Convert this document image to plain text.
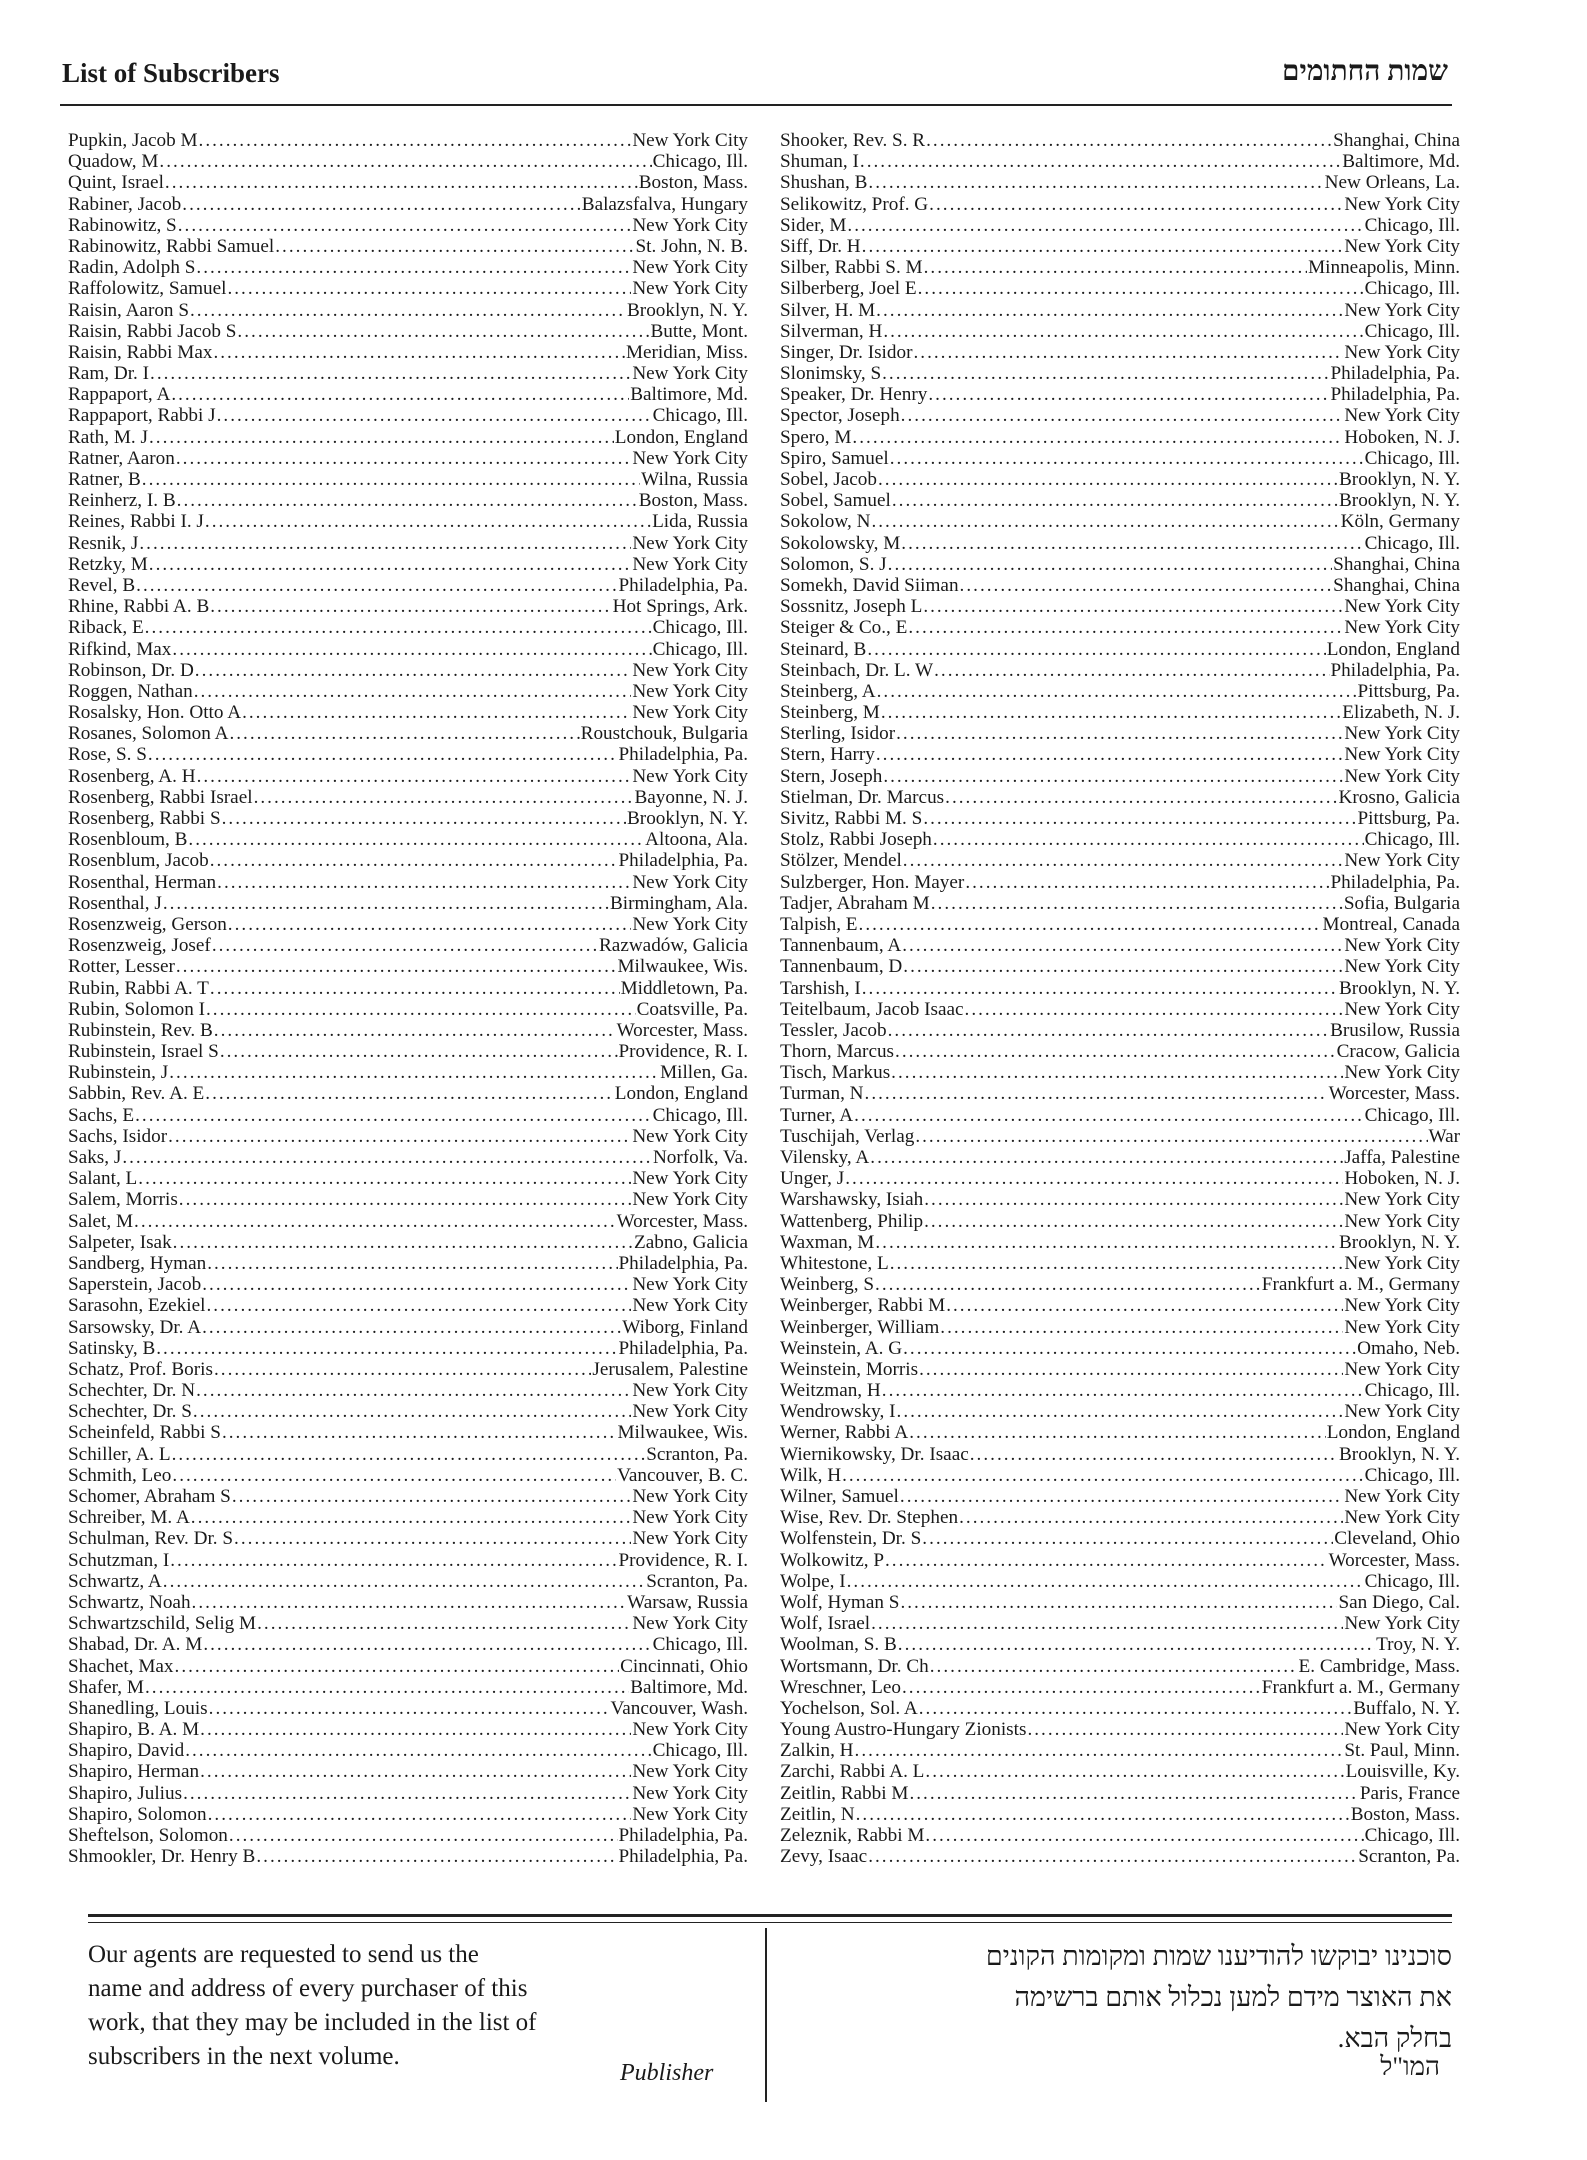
List of Subscribers	שמות החתומים
Pupkin, Jacob M .....	New York City
Quadow, M .....	Chicago, Ill.
Quint, Israel .....	Boston, Mass.
Rabiner, Jacob .....	Balazsfalva, Hungary
Rabinowitz, S .....	New York City
Rabinowitz, Rabbi Samuel .....	St. John, N. B.
Radin, Adolph S .....	New York City
Raffolowitz, Samuel .....	New York City
Raisin, Aaron S .....	Brooklyn, N. Y.
Raisin, Rabbi Jacob S .....	Butte, Mont.
Raisin, Rabbi Max .....	Meridian, Miss.
Ram, Dr. I .....	New York City
Rappaport, A .....	Baltimore, Md.
Rappaport, Rabbi J .....	Chicago, Ill.
Rath, M. J .....	London, England
Ratner, Aaron .....	New York City
Ratner, B .....	Wilna, Russia
Reinherz, I. B .....	Boston, Mass.
Reines, Rabbi I. J .....	Lida, Russia
Resnik, J .....	New York City
Retzky, M .....	New York City
Revel, B .....	Philadelphia, Pa.
Rhine, Rabbi A. B .....	Hot Springs, Ark.
Riback, E .....	Chicago, Ill.
Rifkind, Max .....	Chicago, Ill.
Robinson, Dr. D .....	New York City
Roggen, Nathan .....	New York City
Rosalsky, Hon. Otto A .....	New York City
Rosanes, Solomon A .....	Roustchouk, Bulgaria
Rose, S. S .....	Philadelphia, Pa.
Rosenberg, A. H .....	New York City
Rosenberg, Rabbi Israel .....	Bayonne, N. J.
Rosenberg, Rabbi S .....	Brooklyn, N. Y.
Rosenbloum, B .....	Altoona, Ala.
Rosenblum, Jacob .....	Philadelphia, Pa.
Rosenthal, Herman .....	New York City
Rosenthal, J .....	Birmingham, Ala.
Rosenzweig, Gerson .....	New York City
Rosenzweig, Josef .....	Razwadów, Galicia
Rotter, Lesser .....	Milwaukee, Wis.
Rubin, Rabbi A. T .....	Middletown, Pa.
Rubin, Solomon I .....	Coatsville, Pa.
Rubinstein, Rev. B .....	Worcester, Mass.
Rubinstein, Israel S .....	Providence, R. I.
Rubinstein, J .....	Millen, Ga.
Sabbin, Rev. A. E .....	London, England
Sachs, E .....	Chicago, Ill.
Sachs, Isidor .....	New York City
Saks, J .....	Norfolk, Va.
Salant, L .....	New York City
Salem, Morris .....	New York City
Salet, M .....	Worcester, Mass.
Salpeter, Isak .....	Zabno, Galicia
Sandberg, Hyman .....	Philadelphia, Pa.
Saperstein, Jacob .....	New York City
Sarasohn, Ezekiel .....	New York City
Sarsowsky, Dr. A .....	Wiborg, Finland
Satinsky, B .....	Philadelphia, Pa.
Schatz, Prof. Boris .....	Jerusalem, Palestine
Schechter, Dr. N .....	New York City
Schechter, Dr. S .....	New York City
Scheinfeld, Rabbi S .....	Milwaukee, Wis.
Schiller, A. L .....	Scranton, Pa.
Schmith, Leo .....	Vancouver, B. C.
Schomer, Abraham S .....	New York City
Schreiber, M. A .....	New York City
Schulman, Rev. Dr. S .....	New York City
Schutzman, I .....	Providence, R. I.
Schwartz, A .....	Scranton, Pa.
Schwartz, Noah .....	Warsaw, Russia
Schwartzschild, Selig M .....	New York City
Shabad, Dr. A. M .....	Chicago, Ill.
Shachet, Max .....	Cincinnati, Ohio
Shafer, M .....	Baltimore, Md.
Shanedling, Louis .....	Vancouver, Wash.
Shapiro, B. A. M .....	New York City
Shapiro, David .....	Chicago, Ill.
Shapiro, Herman .....	New York City
Shapiro, Julius .....	New York City
Shapiro, Solomon .....	New York City
Sheftelson, Solomon .....	Philadelphia, Pa.
Shmookler, Dr. Henry B .....	Philadelphia, Pa.
Shooker, Rev. S. R .....	Shanghai, China
Shuman, I .....	Baltimore, Md.
Shushan, B .....	New Orleans, La.
Selikowitz, Prof. G .....	New York City
Sider, M .....	Chicago, Ill.
Siff, Dr. H .....	New York City
Silber, Rabbi S. M .....	Minneapolis, Minn.
Silberberg, Joel E .....	Chicago, Ill.
Silver, H. M .....	New York City
Silverman, H .....	Chicago, Ill.
Singer, Dr. Isidor .....	New York City
Slonimsky, S .....	Philadelphia, Pa.
Speaker, Dr. Henry .....	Philadelphia, Pa.
Spector, Joseph .....	New York City
Spero, M .....	Hoboken, N. J.
Spiro, Samuel .....	Chicago, Ill.
Sobel, Jacob .....	Brooklyn, N. Y.
Sobel, Samuel .....	Brooklyn, N. Y.
Sokolow, N .....	Köln, Germany
Sokolowsky, M .....	Chicago, Ill.
Solomon, S. J .....	Shanghai, China
Somekh, David Siiman .....	Shanghai, China
Sossnitz, Joseph L .....	New York City
Steiger & Co., E .....	New York City
Steinard, B .....	London, England
Steinbach, Dr. L. W .....	Philadelphia, Pa.
Steinberg, A .....	Pittsburg, Pa.
Steinberg, M .....	Elizabeth, N. J.
Sterling, Isidor .....	New York City
Stern, Harry .....	New York City
Stern, Joseph .....	New York City
Stielman, Dr. Marcus .....	Krosno, Galicia
Sivitz, Rabbi M. S .....	Pittsburg, Pa.
Stolz, Rabbi Joseph .....	Chicago, Ill.
Stölzer, Mendel .....	New York City
Sulzberger, Hon. Mayer .....	Philadelphia, Pa.
Tadjer, Abraham M .....	Sofia, Bulgaria
Talpish, E .....	Montreal, Canada
Tannenbaum, A .....	New York City
Tannenbaum, D .....	New York City
Tarshish, I .....	Brooklyn, N. Y.
Teitelbaum, Jacob Isaac .....	New York City
Tessler, Jacob .....	Brusilow, Russia
Thorn, Marcus .....	Cracow, Galicia
Tisch, Markus .....	New York City
Turman, N .....	Worcester, Mass.
Turner, A .....	Chicago, Ill.
Tuschijah, Verlag .....	War
Vilensky, A .....	Jaffa, Palestine
Unger, J .....	Hoboken, N. J.
Warshawsky, Isiah .....	New York City
Wattenberg, Philip .....	New York City
Waxman, M .....	Brooklyn, N. Y.
Whitestone, L .....	New York City
Weinberg, S .....	Frankfurt a. M., Germany
Weinberger, Rabbi M .....	New York City
Weinberger, William .....	New York City
Weinstein, A. G .....	Omaho, Neb.
Weinstein, Morris .....	New York City
Weitzman, H .....	Chicago, Ill.
Wendrowsky, I .....	New York City
Werner, Rabbi A .....	London, England
Wiernikowsky, Dr. Isaac .....	Brooklyn, N. Y.
Wilk, H .....	Chicago, Ill.
Wilner, Samuel .....	New York City
Wise, Rev. Dr. Stephen .....	New York City
Wolfenstein, Dr. S .....	Cleveland, Ohio
Wolkowitz, P .....	Worcester, Mass.
Wolpe, I .....	Chicago, Ill.
Wolf, Hyman S .....	San Diego, Cal.
Wolf, Israel .....	New York City
Woolman, S. B .....	Troy, N. Y.
Wortsmann, Dr. Ch .....	E. Cambridge, Mass.
Wreschner, Leo .....	Frankfurt a. M., Germany
Yochelson, Sol. A .....	Buffalo, N. Y.
Young Austro-Hungary Zionists .....	New York City
Zalkin, H .....	St. Paul, Minn.
Zarchi, Rabbi A. L .....	Louisville, Ky.
Zeitlin, Rabbi M .....	Paris, France
Zeitlin, N .....	Boston, Mass.
Zeleznik, Rabbi M .....	Chicago, Ill.
Zevy, Isaac .....	Scranton, Pa.

Our agents are requested to send us the

name and address of every purchaser of this

work, that they may be included in the list of

subscribers in the next volume.

Publisher

סוכנינו יבוקשו להודיענו שמות ומקומות הקונים

את האוצר מידם למען נכלול אותם ברשימה

בחלק הבא.

המו"ל
